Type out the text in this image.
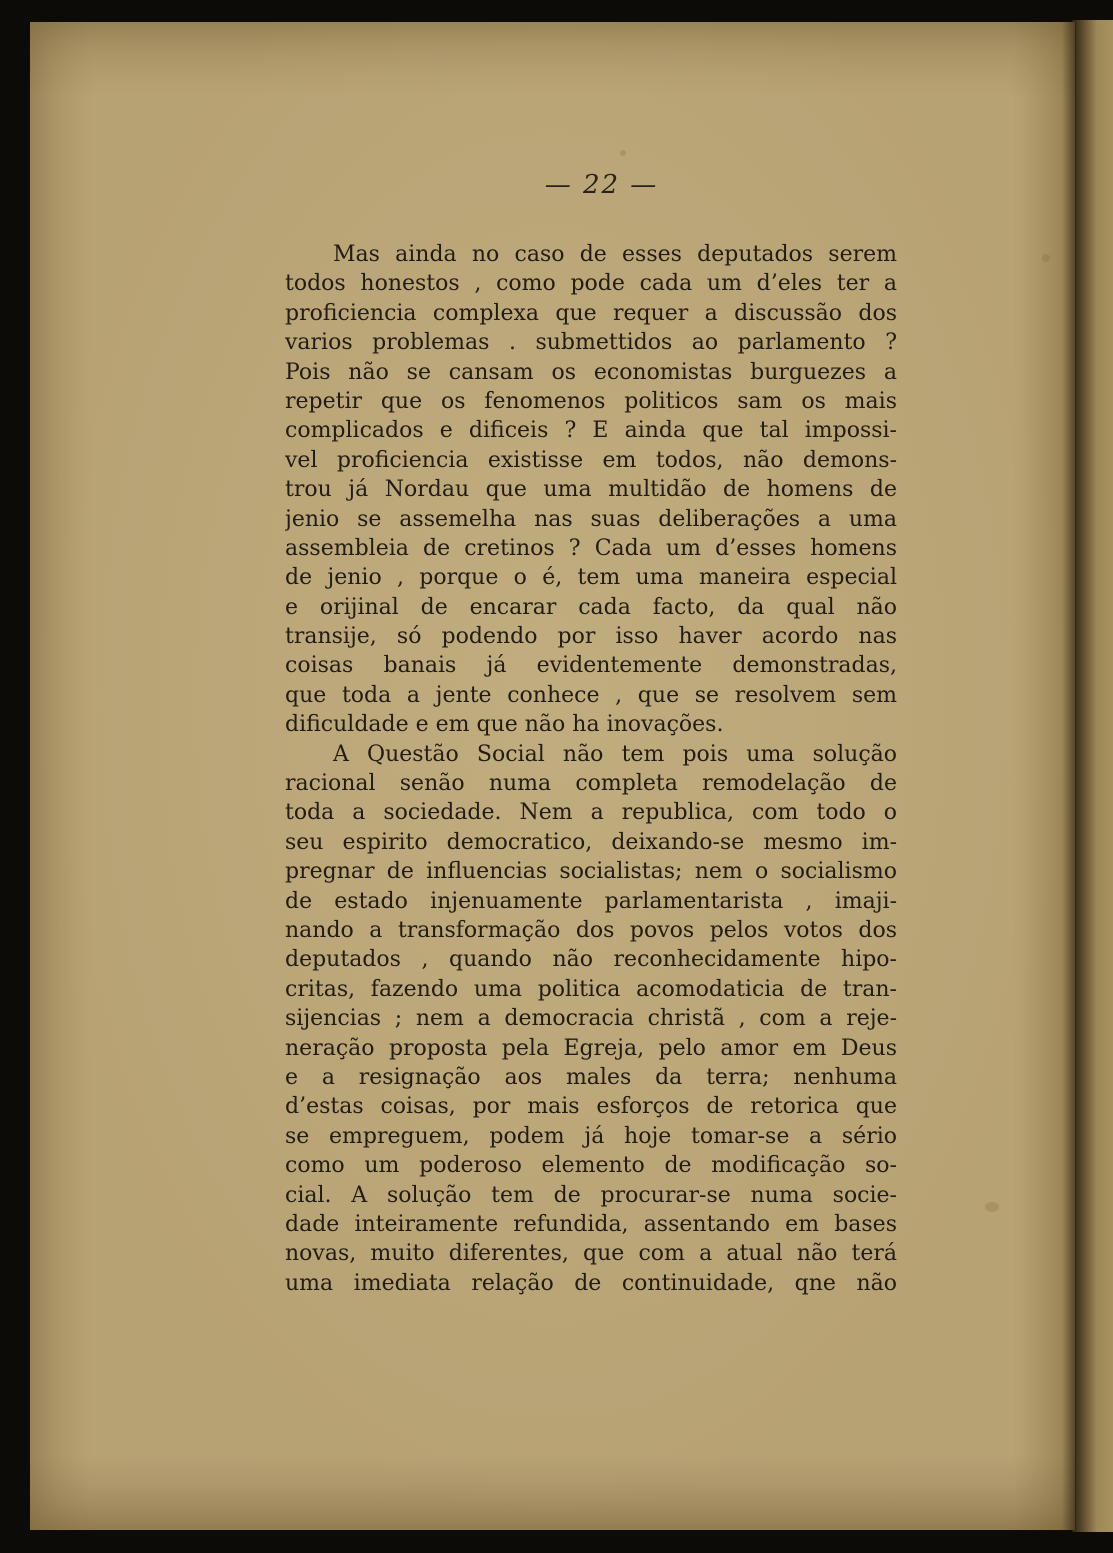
— 22 —
Mas ainda no caso de esses deputados serem
todos honestos , como pode cada um d’eles ter a
proficiencia complexa que requer a discussão dos
varios problemas . submettidos ao parlamento ?
Pois não se cansam os economistas burguezes a
repetir que os fenomenos politicos sam os mais
complicados e dificeis ? E ainda que tal impossi-
vel proficiencia existisse em todos, não demons-
trou já Nordau que uma multidão de homens de
jenio se assemelha nas suas deliberações a uma
assembleia de cretinos ? Cada um d’esses homens
de jenio , porque o é, tem uma maneira especial
e orijinal de encarar cada facto, da qual não
transije, só podendo por isso haver acordo nas
coisas banais já evidentemente demonstradas,
que toda a jente conhece , que se resolvem sem
dificuldade e em que não ha inovações.
A Questão Social não tem pois uma solução
racional senão numa completa remodelação de
toda a sociedade. Nem a republica, com todo o
seu espirito democratico, deixando-se mesmo im-
pregnar de influencias socialistas; nem o socialismo
de estado injenuamente parlamentarista , imaji-
nando a transformação dos povos pelos votos dos
deputados , quando não reconhecidamente hipo-
critas, fazendo uma politica acomodaticia de tran-
sijencias ; nem a democracia christã , com a reje-
neração proposta pela Egreja, pelo amor em Deus
e a resignação aos males da terra; nenhuma
d’estas coisas, por mais esforços de retorica que
se empreguem, podem já hoje tomar-se a sério
como um poderoso elemento de modificação so-
cial. A solução tem de procurar-se numa socie-
dade inteiramente refundida, assentando em bases
novas, muito diferentes, que com a atual não terá
uma imediata relação de continuidade, qne não
